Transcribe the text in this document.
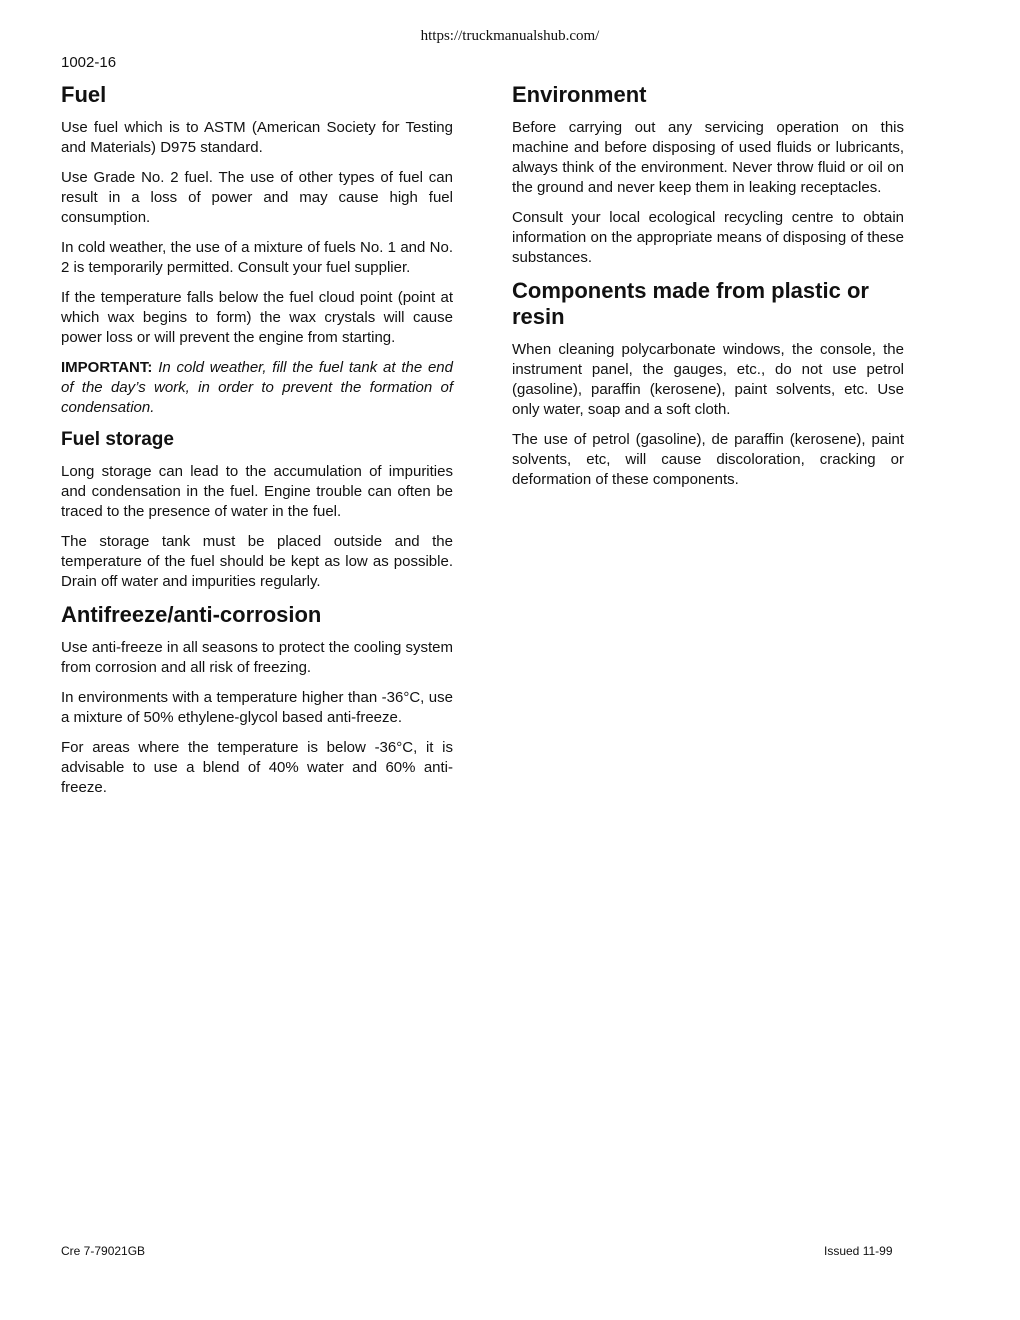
https://truckmanualshub.com/
1002-16
Fuel

Use fuel which is to ASTM (American Society for Testing and Materials) D975 standard.

Use Grade No. 2 fuel. The use of other types of fuel can result in a loss of power and may cause high fuel consumption.

In cold weather, the use of a mixture of fuels No. 1 and No. 2 is temporarily permitted. Consult your fuel supplier.

If the temperature falls below the fuel cloud point (point at which wax begins to form) the wax crystals will cause power loss or will prevent the engine from starting.

IMPORTANT: In cold weather, fill the fuel tank at the end of the day’s work, in order to prevent the formation of condensation.

Fuel storage

Long storage can lead to the accumulation of impurities and condensation in the fuel. Engine trouble can often be traced to the presence of water in the fuel.

The storage tank must be placed outside and the temperature of the fuel should be kept as low as possible. Drain off water and impurities regularly.

Antifreeze/anti-corrosion

Use anti-freeze in all seasons to protect the cooling system from corrosion and all risk of freezing.

In environments with a temperature higher than -36°C, use a mixture of 50% ethylene-glycol based anti-freeze.

For areas where the temperature is below -36°C, it is advisable to use a blend of 40% water and 60% anti-freeze.

Environment

Before carrying out any servicing operation on this machine and before disposing of used fluids or lubricants, always think of the environment. Never throw fluid or oil on the ground and never keep them in leaking receptacles.

Consult your local ecological recycling centre to obtain information on the appropriate means of disposing of these substances.

Components made from plastic or resin

When cleaning polycarbonate windows, the console, the instrument panel, the gauges, etc., do not use petrol (gasoline), paraffin (kerosene), paint solvents, etc. Use only water, soap and a soft cloth.

The use of petrol (gasoline), de paraffin (kerosene), paint solvents, etc, will cause discoloration, cracking or deformation of these components.

Cre 7-79021GB	Issued 11-99
